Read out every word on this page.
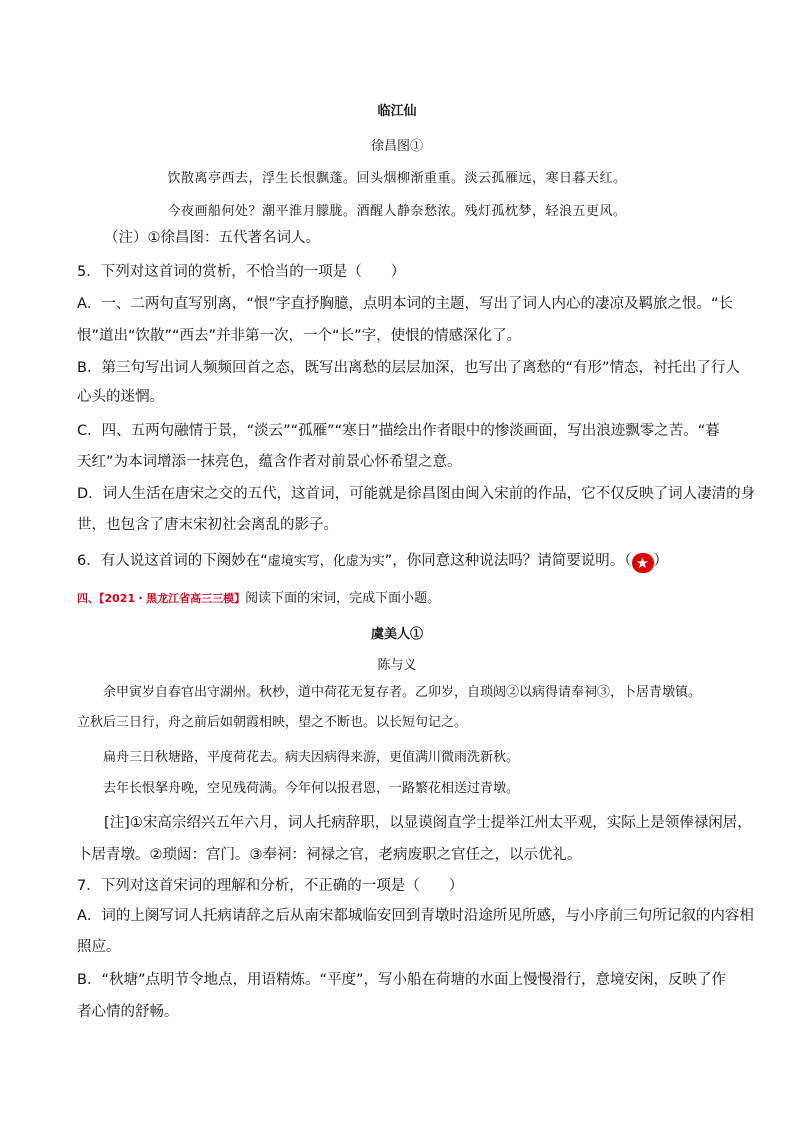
临江仙
徐昌图①
饮散离亭西去，浮生长恨飘蓬。回头烟柳渐重重。淡云孤雁远，寒日暮天红。
今夜画船何处？潮平淮月朦胧。酒醒人静奈愁浓。残灯孤枕梦，轻浪五更风。
（注）①徐昌图：五代著名词人。
5．下列对这首词的赏析，不恰当的一项是（　　）
A．一、二两句直写别离，“恨”字直抒胸臆，点明本词的主题，写出了词人内心的凄凉及羁旅之恨。“长
恨”道出“饮散”“西去”并非第一次，一个“长”字，使恨的情感深化了。
B．第三句写出词人频频回首之态，既写出离愁的层层加深，也写出了离愁的“有形”情态，衬托出了行人
心头的迷惘。
C．四、五两句融情于景，“淡云”“孤雁”“寒日”描绘出作者眼中的惨淡画面，写出浪迹飘零之苦。“暮
天红”为本词增添一抹亮色，蕴含作者对前景心怀希望之意。
D．词人生活在唐宋之交的五代，这首词，可能就是徐昌图由闽入宋前的作品，它不仅反映了词人凄清的身
世，也包含了唐末宋初社会离乱的影子。
6．有人说这首词的下阕妙在“虚境实写，化虚为实”，你同意这种说法吗？请简要说明。（ ★ ）
四、【2021・黑龙江省高三三模】阅读下面的宋词，完成下面小题。
虞美人①
陈与义
余甲寅岁自春官出守湖州。秋杪，道中荷花无复存者。乙卯岁，自琐闼②以病得请奉祠③，卜居青墩镇。
立秋后三日行，舟之前后如朝霞相映，望之不断也。以长短句记之。
扁舟三日秋塘路，平度荷花去。病夫因病得来游，更值满川微雨洗新秋。
去年长恨拏舟晚，空见残荷满。今年何以报君恩，一路繁花相送过青墩。
[注]①宋高宗绍兴五年六月，词人托病辞职，以显谟阁直学士提举江州太平观，实际上是领俸禄闲居，
卜居青墩。②琐闼：宫门。③奉祠：祠禄之官，老病废职之官任之，以示优礼。
7．下列对这首宋词的理解和分析，不正确的一项是（　　）
A．词的上阕写词人托病请辞之后从南宋都城临安回到青墩时沿途所见所感，与小序前三句所记叙的内容相
照应。
B．“秋塘”点明节令地点，用语精炼。“平度”，写小船在荷塘的水面上慢慢滑行，意境安闲，反映了作
者心情的舒畅。
